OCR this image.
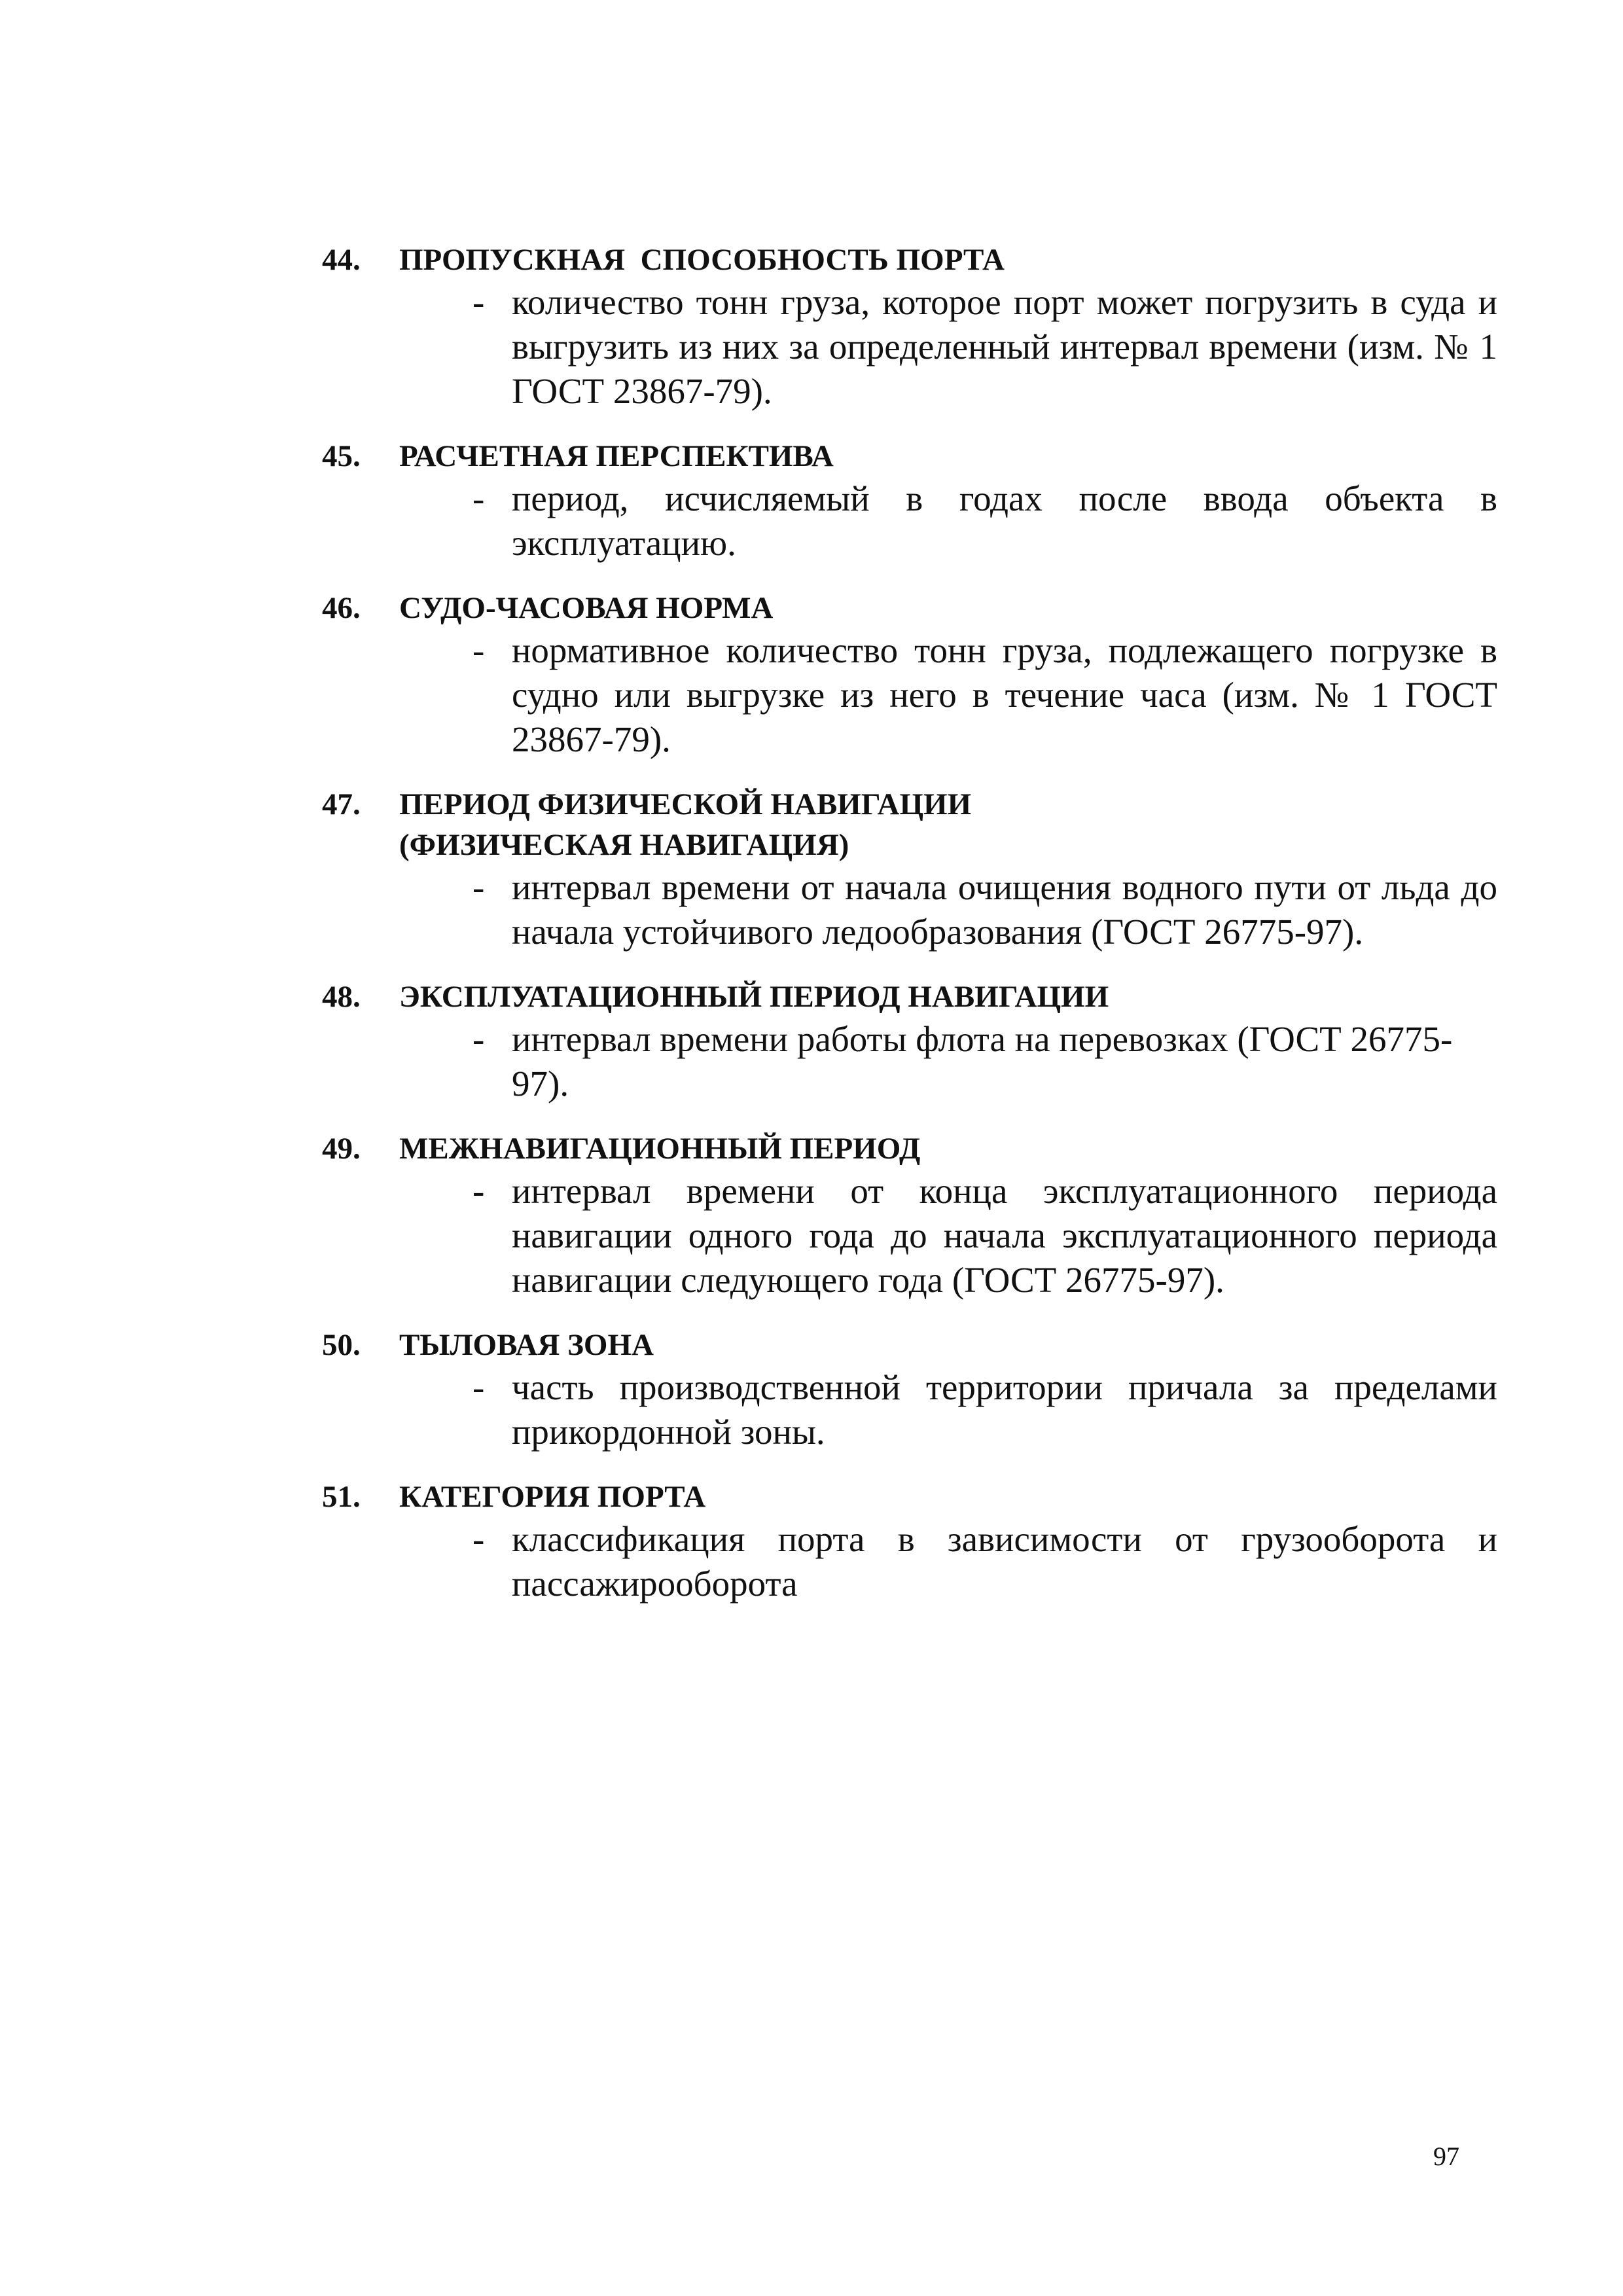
44.	ПРОПУСКНАЯ  СПОСОБНОСТЬ ПОРТА
- количество тонн груза, которое порт может погрузить в суда и выгрузить из них за определенный интервал времени (изм. № 1 ГОСТ 23867-79).
45.	РАСЧЕТНАЯ ПЕРСПЕКТИВА
- период, исчисляемый в годах после ввода объекта в эксплуатацию.
46.	СУДО-ЧАСОВАЯ НОРМА
- нормативное количество тонн груза, подлежащего погрузке в судно или выгрузке из него в течение часа (изм. № 1 ГОСТ 23867-79).
47.	ПЕРИОД ФИЗИЧЕСКОЙ НАВИГАЦИИ
(ФИЗИЧЕСКАЯ НАВИГАЦИЯ)
- интервал времени от начала очищения водного пути от льда до начала устойчивого ледообразования (ГОСТ 26775-97).
48.	ЭКСПЛУАТАЦИОННЫЙ ПЕРИОД НАВИГАЦИИ
- интервал времени работы флота на перевозках (ГОСТ 26775-97).
49.	МЕЖНАВИГАЦИОННЫЙ ПЕРИОД
- интервал времени от конца эксплуатационного периода навигации одного года до начала эксплуатационного периода навигации следующего года (ГОСТ 26775-97).
50.	ТЫЛОВАЯ ЗОНА
- часть производственной территории причала за пределами прикордонной зоны.
51.	КАТЕГОРИЯ ПОРТА
- классификация порта в зависимости от грузооборота и пассажирооборота
97
